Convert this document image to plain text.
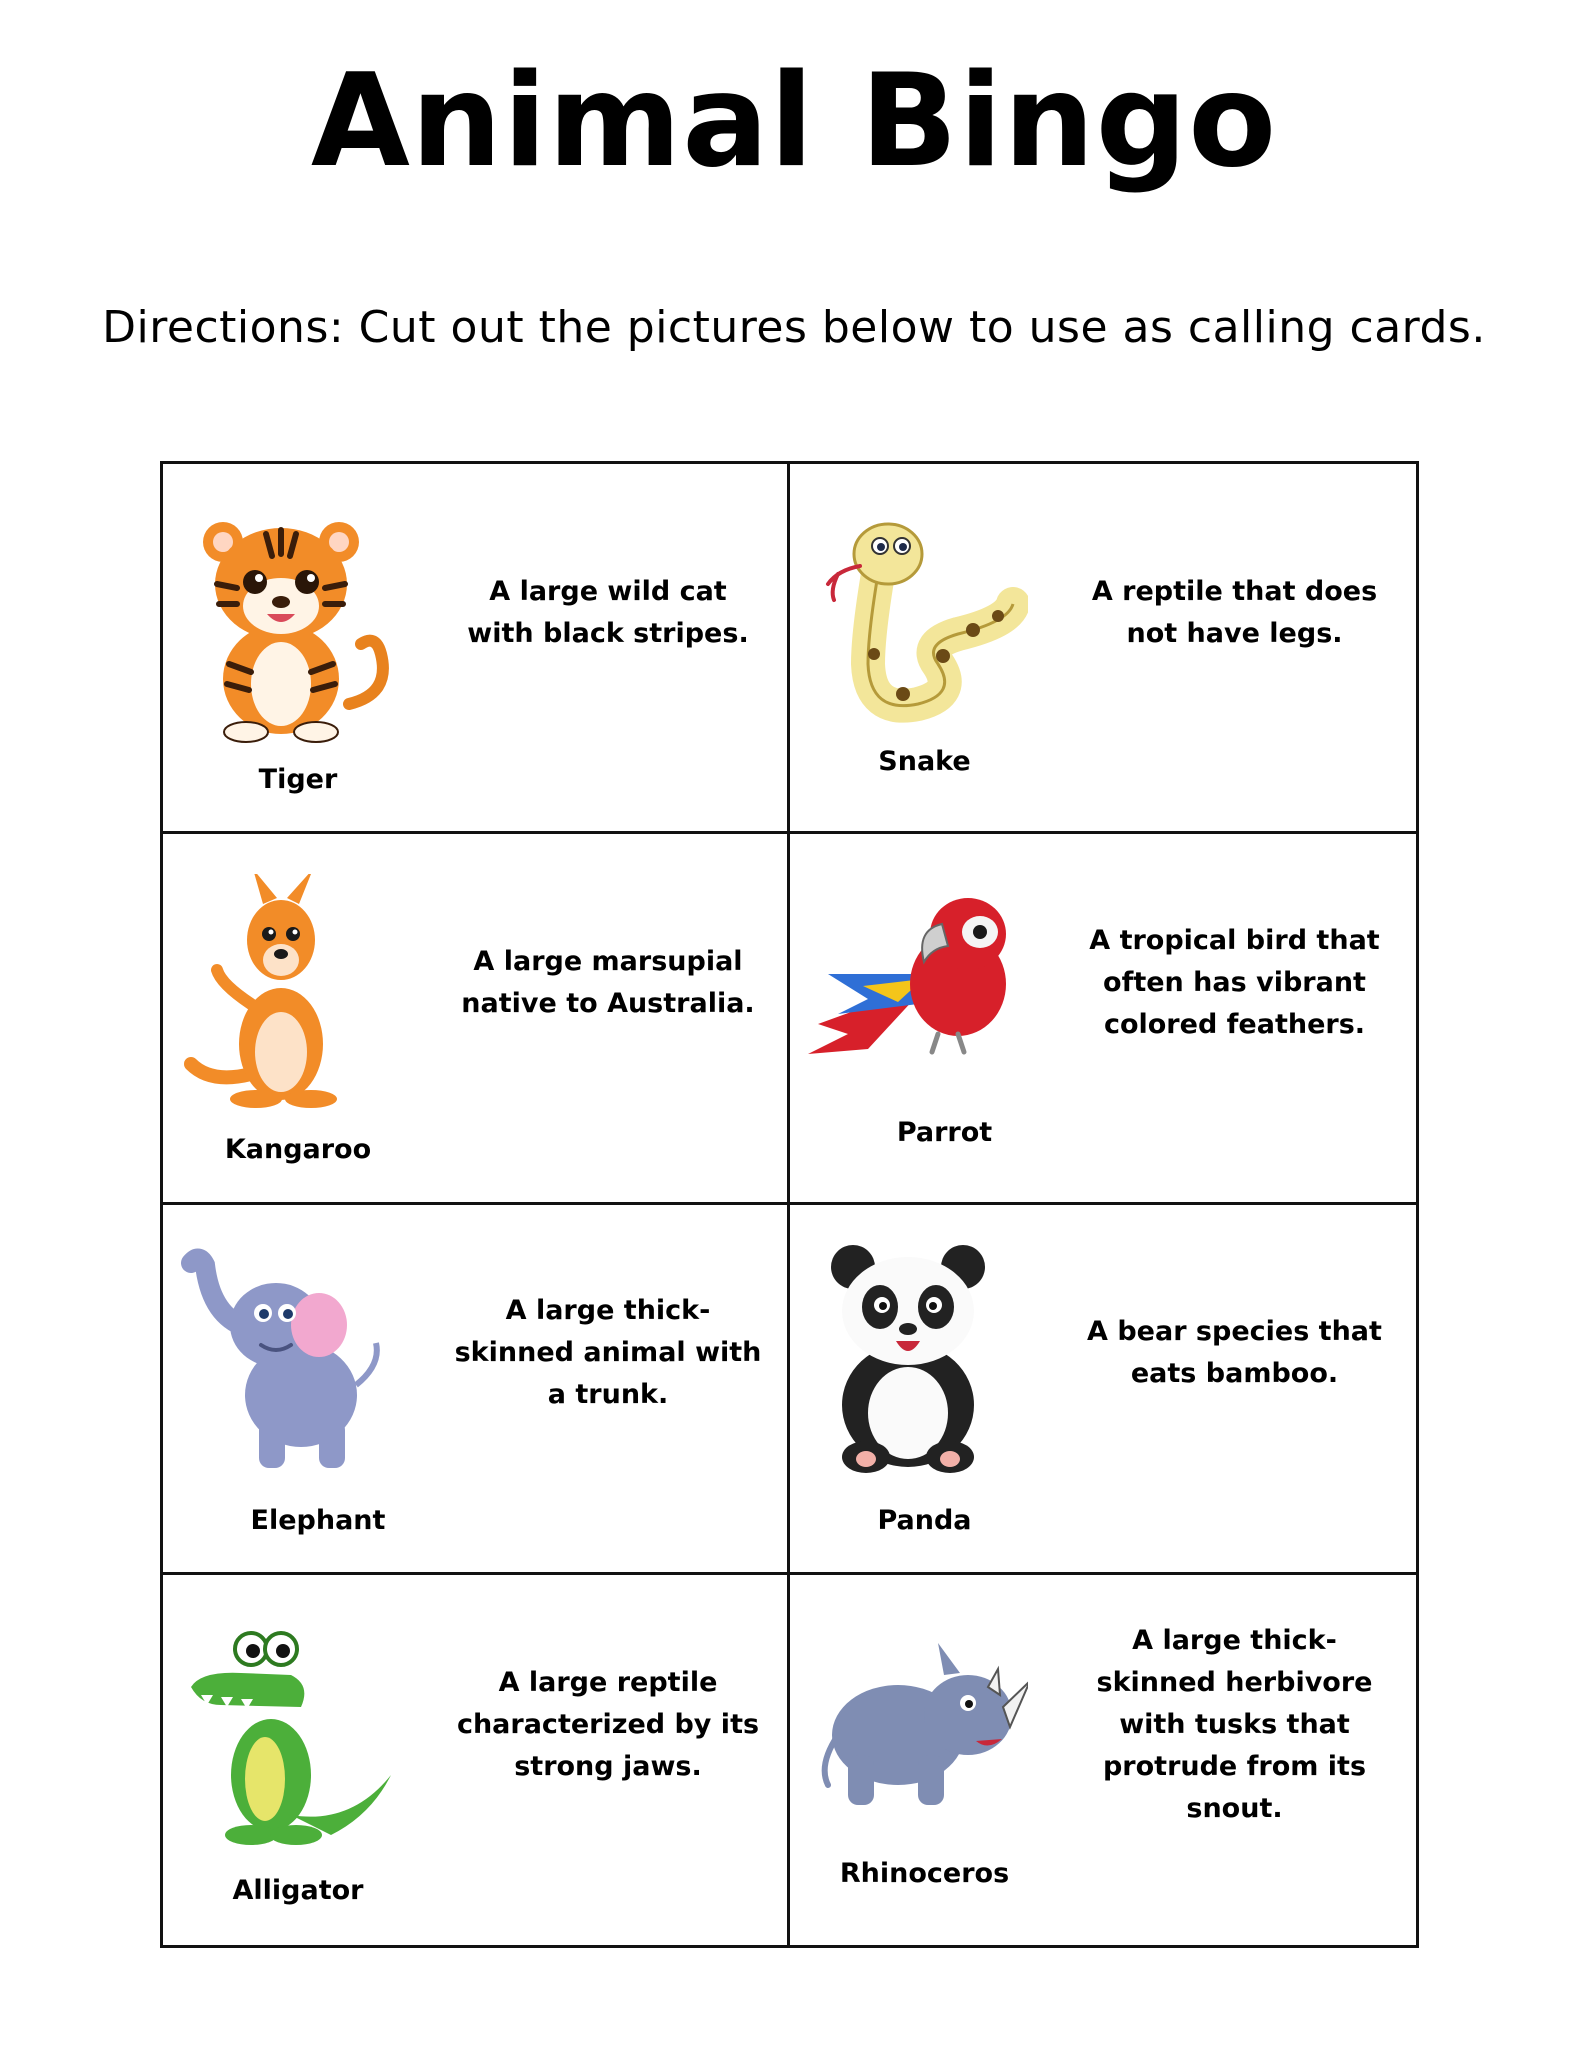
Animal Bingo
Directions: Cut out the pictures below to use as calling cards.
Tiger
A large wild cat with black stripes.
Snake
A reptile that does not have legs.
Kangaroo
A large marsupial native to Australia.
Parrot
A tropical bird that often has vibrant colored feathers.
Elephant
A large thick-skinned animal with a trunk.
Panda
A bear species that eats bamboo.
Alligator
A large reptile characterized by its strong jaws.
Rhinoceros
A large thick-skinned herbivore with tusks that protrude from its snout.
